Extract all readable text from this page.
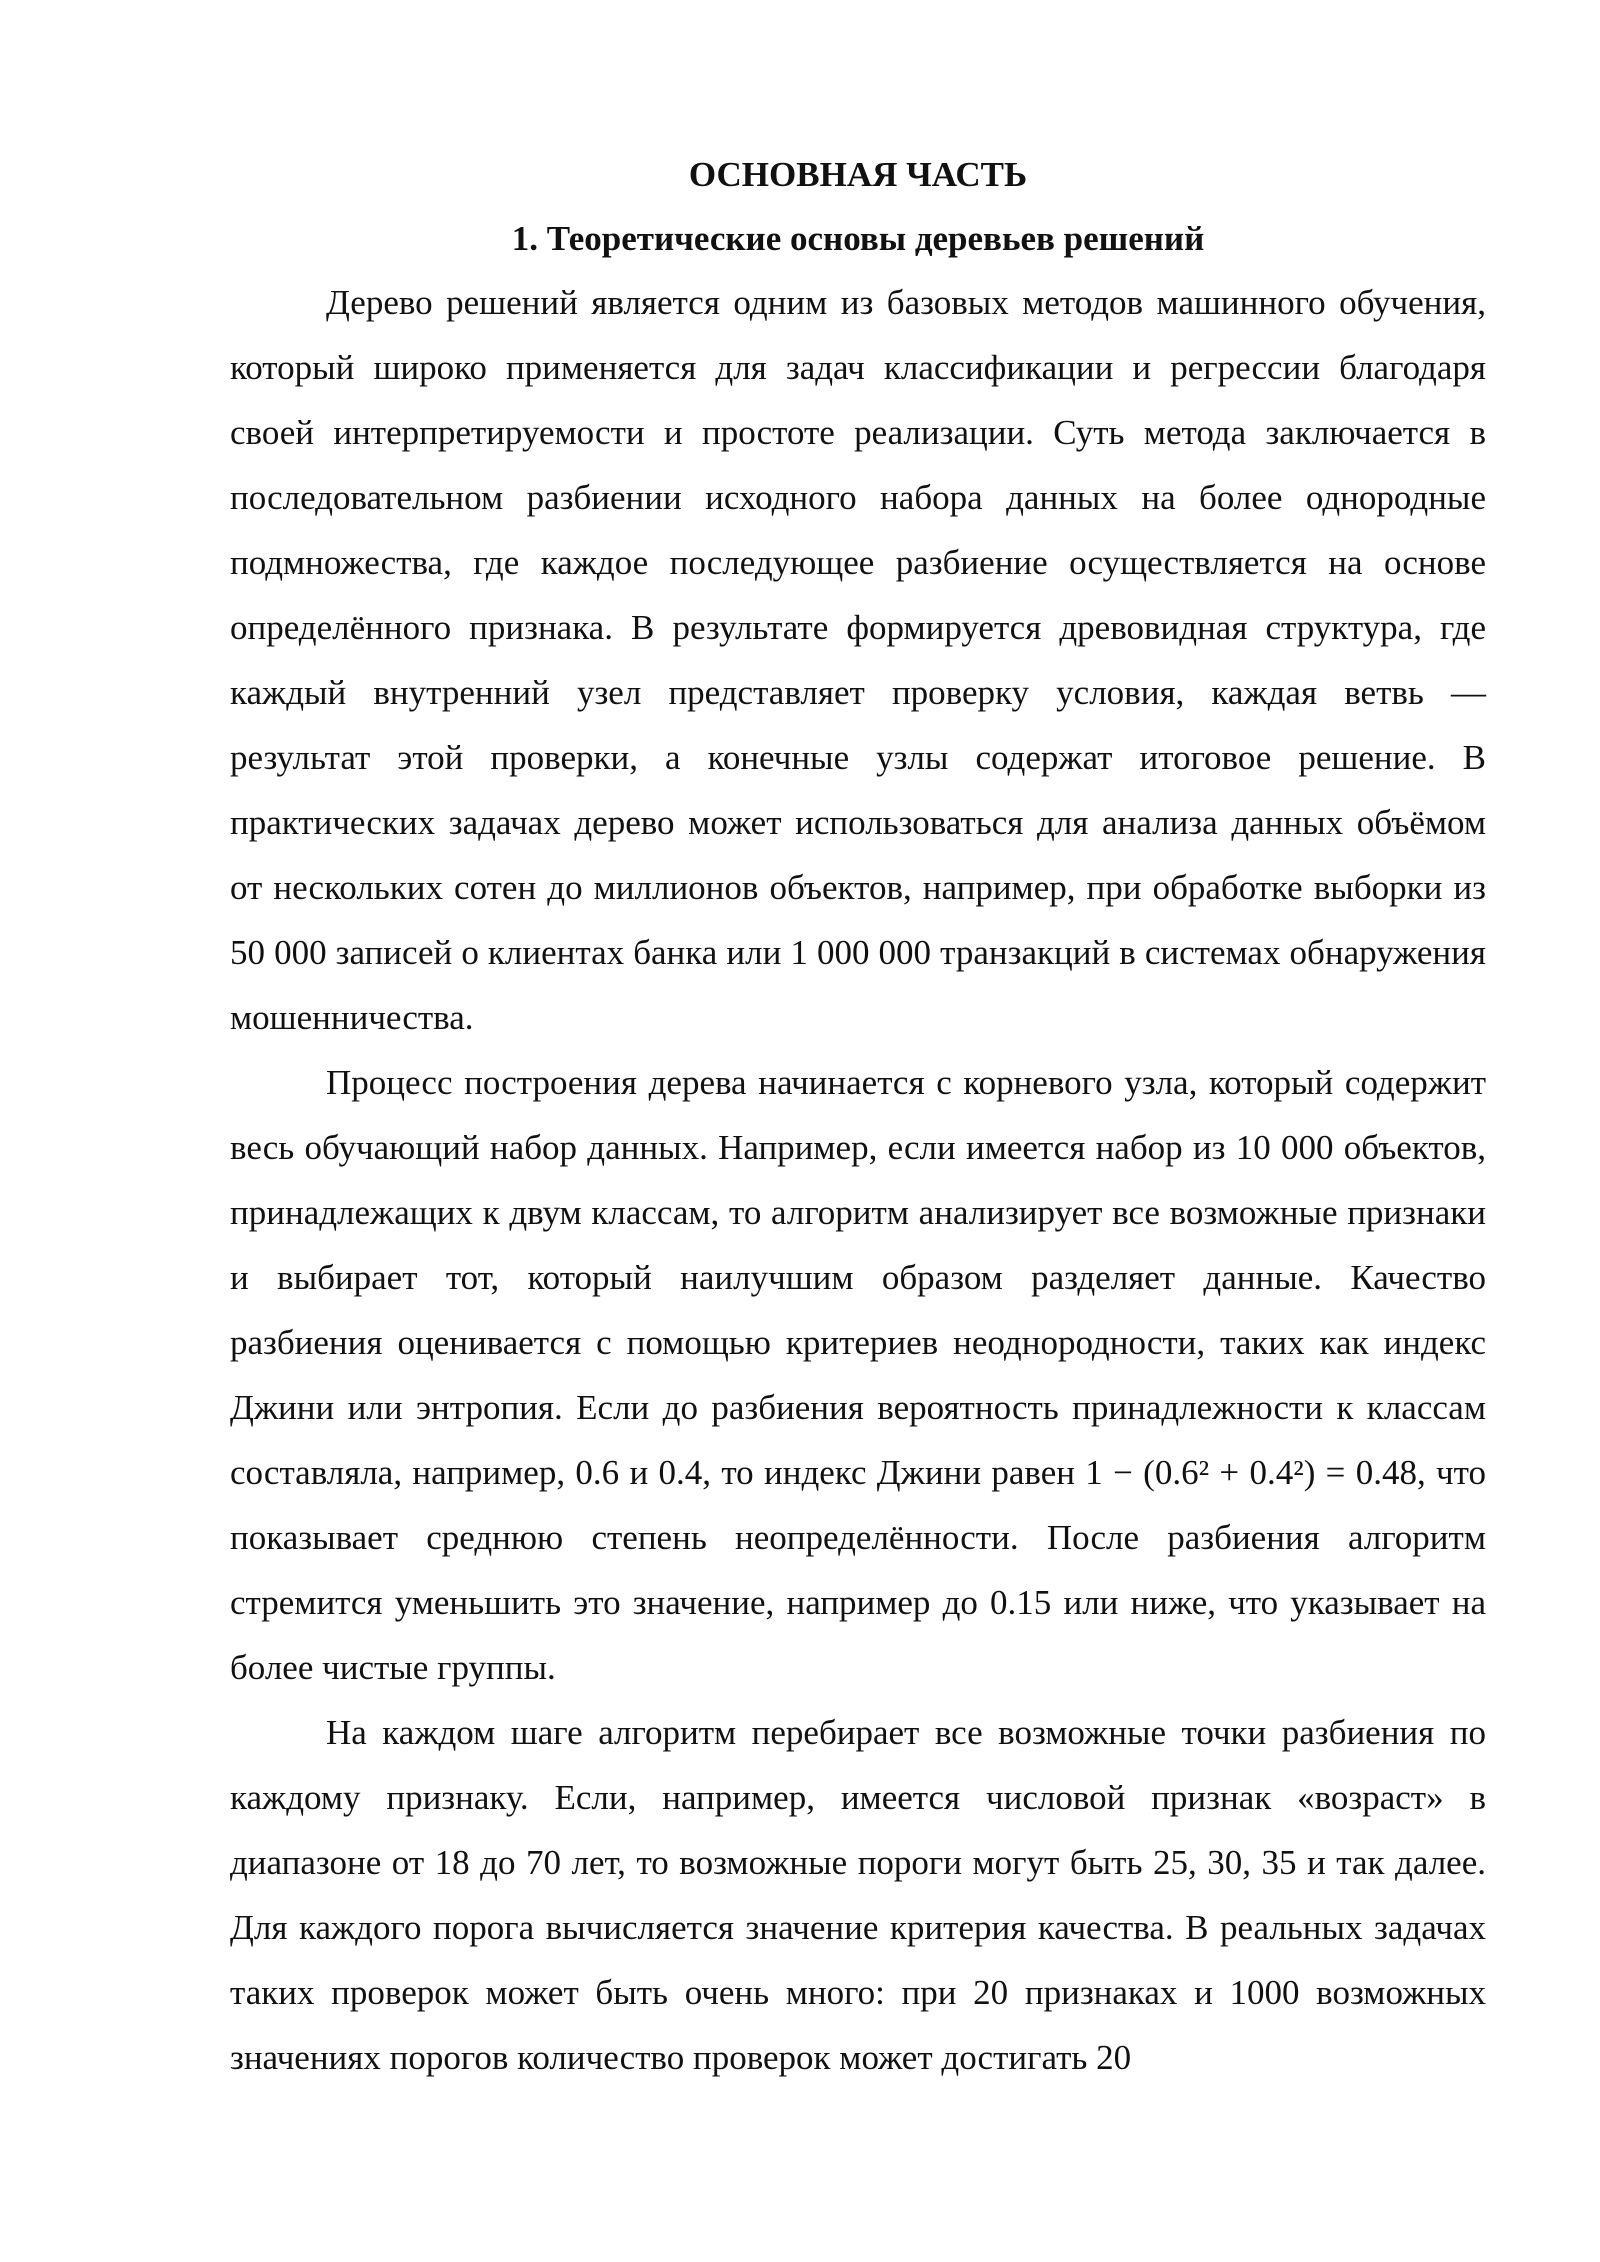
ОСНОВНАЯ ЧАСТЬ

1. Теоретические основы деревьев решений

Дерево решений является одним из базовых методов машинного обучения, который широко применяется для задач классификации и регрессии благодаря своей интерпретируемости и простоте реализации. Суть метода заключается в последовательном разбиении исходного набора данных на более однородные подмножества, где каждое последующее разбиение осуществляется на основе определённого признака. В результате формируется древовидная структура, где каждый внутренний узел представляет проверку условия, каждая ветвь — результат этой проверки, а конечные узлы содержат итоговое решение. В практических задачах дерево может использоваться для анализа данных объёмом от нескольких сотен до миллионов объектов, например, при обработке выборки из 50 000 записей о клиентах банка или 1 000 000 транзакций в системах обнаружения мошенничества.

Процесс построения дерева начинается с корневого узла, который содержит весь обучающий набор данных. Например, если имеется набор из 10 000 объектов, принадлежащих к двум классам, то алгоритм анализирует все возможные признаки и выбирает тот, который наилучшим образом разделяет данные. Качество разбиения оценивается с помощью критериев неоднородности, таких как индекс Джини или энтропия. Если до разбиения вероятность принадлежности к классам составляла, например, 0.6 и 0.4, то индекс Джини равен 1 − (0.6² + 0.4²) = 0.48, что показывает среднюю степень неопределённости. После разбиения алгоритм стремится уменьшить это значение, например до 0.15 или ниже, что указывает на более чистые группы.

На каждом шаге алгоритм перебирает все возможные точки разбиения по каждому признаку. Если, например, имеется числовой признак «возраст» в диапазоне от 18 до 70 лет, то возможные пороги могут быть 25, 30, 35 и так далее. Для каждого порога вычисляется значение критерия качества. В реальных задачах таких проверок может быть очень много: при 20 признаках и 1000 возможных значениях порогов количество проверок может достигать 20
